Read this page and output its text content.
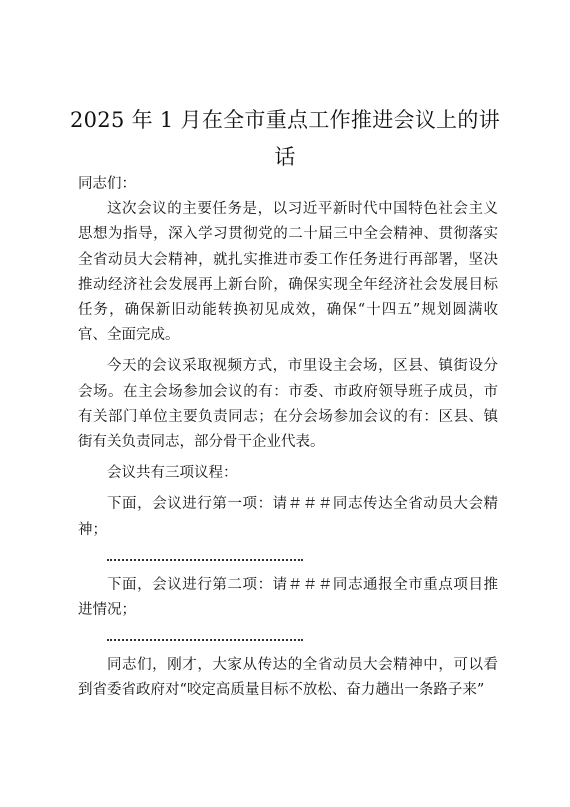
2025 年 1 月在全市重点工作推进会议上的讲话

同志们：

这次会议的主要任务是，以习近平新时代中国特色社会主义思想为指导，深入学习贯彻党的二十届三中全会精神、贯彻落实全省动员大会精神，就扎实推进市委工作任务进行再部署，坚决推动经济社会发展再上新台阶，确保实现全年经济社会发展目标任务，确保新旧动能转换初见成效，确保“十四五”规划圆满收官、全面完成。

今天的会议采取视频方式，市里设主会场，区县、镇街设分会场。在主会场参加会议的有：市委、市政府领导班子成员，市有关部门单位主要负责同志；在分会场参加会议的有：区县、镇街有关负责同志，部分骨干企业代表。

会议共有三项议程：

下面，会议进行第一项：请＃＃＃同志传达全省动员大会精神；

下面，会议进行第二项：请＃＃＃同志通报全市重点项目推进情况；

同志们，刚才，大家从传达的全省动员大会精神中，可以看到省委省政府对“咬定高质量目标不放松、奋力趟出一条路子来”
